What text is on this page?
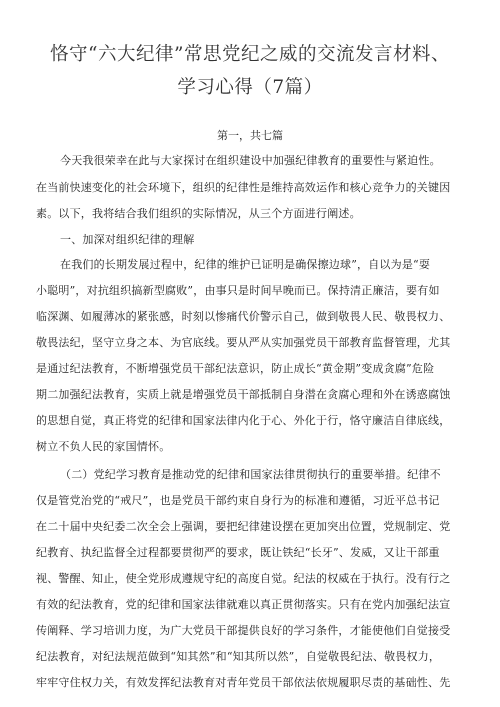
恪守“六大纪律”常思党纪之威的交流发言材料、
学习心得（7篇）
第一，共七篇
今天我很荣幸在此与大家探讨在组织建设中加强纪律教育的重要性与紧迫性。
在当前快速变化的社会环境下，组织的纪律性是维持高效运作和核心竞争力的关键因
素。以下，我将结合我们组织的实际情况，从三个方面进行阐述。
一、加深对组织纪律的理解
在我们的长期发展过程中，纪律的维护已证明是确保擦边球”，自以为是“耍
小聪明”，对抗组织搞新型腐败”，由事只是时间早晚而已。保持清正廉洁，要有如
临深渊、如履薄冰的紧张感，时刻以惨痛代价警示自己，做到敬畏人民、敬畏权力、
敬畏法纪，坚守立身之本、为官底线。要从严从实加强党员干部教育监督管理，尤其
是通过纪法教育，不断增强党员干部纪法意识，防止成长“黄金期”变成贪腐”危险
期二加强纪法教育，实质上就是增强党员干部抵制自身潜在贪腐心理和外在诱惑腐蚀
的思想自觉，真正将党的纪律和国家法律内化于心、外化于行，恪守廉洁自律底线，
树立不负人民的家国情怀。
（二）党纪学习教育是推动党的纪律和国家法律贯彻执行的重要举措。纪律不
仅是管党治党的“戒尺”，也是党员干部约束自身行为的标准和遵循，习近平总书记
在二十届中央纪委二次全会上强调，要把纪律建设摆在更加突出位置，党规制定、党
纪教育、执纪监督全过程都要贯彻严的要求，既让铁纪“长牙”、发威，又让干部重
视、警醒、知止，使全党形成遵规守纪的高度自觉。纪法的权威在于执行。没有行之
有效的纪法教育，党的纪律和国家法律就难以真正贯彻落实。只有在党内加强纪法宣
传阐释、学习培训力度，为广大党员干部提供良好的学习条件，才能使他们自觉接受
纪法教育，对纪法规范做到“知其然”和“知其所以然”，自觉敬畏纪法、敬畏权力，
牢牢守住权力关，有效发挥纪法教育对青年党员干部依法依规履职尽责的基础性、先
